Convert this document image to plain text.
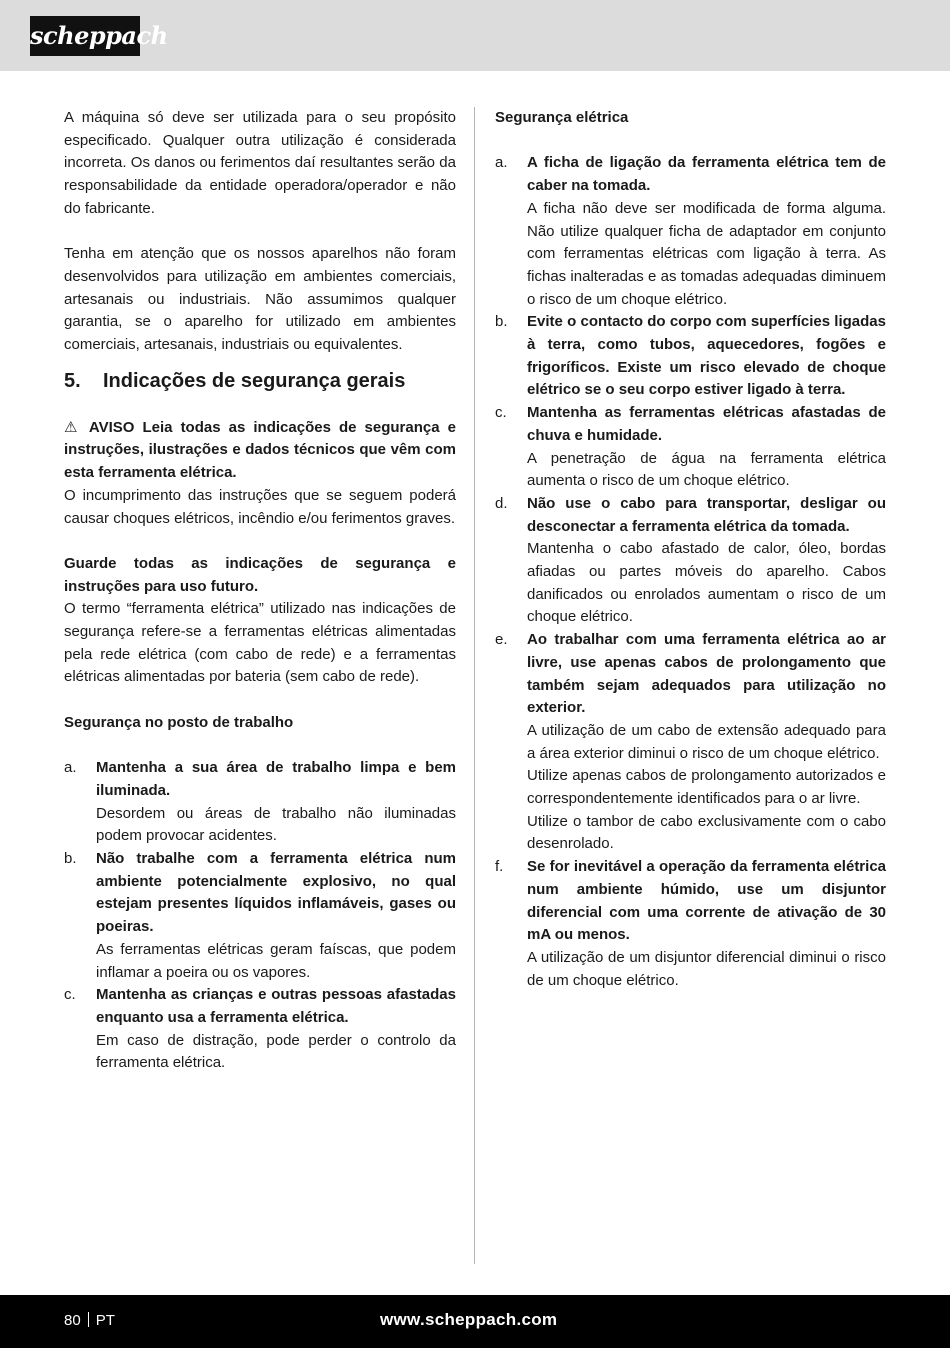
scheppach

A máquina só deve ser utilizada para o seu propósito especificado. Qualquer outra utilização é considerada incorreta. Os danos ou ferimentos daí resultantes serão da responsabilidade da entidade operadora/operador e não do fabricante.

Tenha em atenção que os nossos aparelhos não foram desenvolvidos para utilização em ambientes comerciais, artesanais ou industriais. Não assumimos qualquer garantia, se o aparelho for utilizado em ambientes comerciais, artesanais, industriais ou equivalentes.

5. Indicações de segurança gerais

⚠ AVISO Leia todas as indicações de segurança e instruções, ilustrações e dados técnicos que vêm com esta ferramenta elétrica.

O incumprimento das instruções que se seguem poderá causar choques elétricos, incêndio e/ou ferimentos graves.

Guarde todas as indicações de segurança e instruções para uso futuro.

O termo “ferramenta elétrica” utilizado nas indicações de segurança refere-se a ferramentas elétricas alimentadas pela rede elétrica (com cabo de rede) e a ferramentas elétricas alimentadas por bateria (sem cabo de rede).

Segurança no posto de trabalho

a. Mantenha a sua área de trabalho limpa e bem iluminada.

Desordem ou áreas de trabalho não iluminadas podem provocar acidentes.

b. Não trabalhe com a ferramenta elétrica num ambiente potencialmente explosivo, no qual estejam presentes líquidos inflamáveis, gases ou poeiras.

As ferramentas elétricas geram faíscas, que podem inflamar a poeira ou os vapores.

c. Mantenha as crianças e outras pessoas afastadas enquanto usa a ferramenta elétrica.

Em caso de distração, pode perder o controlo da ferramenta elétrica.

Segurança elétrica

a. A ficha de ligação da ferramenta elétrica tem de caber na tomada.

A ficha não deve ser modificada de forma alguma. Não utilize qualquer ficha de adaptador em conjunto com ferramentas elétricas com ligação à terra. As fichas inalteradas e as tomadas adequadas diminuem o risco de um choque elétrico.

b. Evite o contacto do corpo com superfícies ligadas à terra, como tubos, aquecedores, fogões e frigoríficos. Existe um risco elevado de choque elétrico se o seu corpo estiver ligado à terra.

c. Mantenha as ferramentas elétricas afastadas de chuva e humidade.

A penetração de água na ferramenta elétrica aumenta o risco de um choque elétrico.

d. Não use o cabo para transportar, desligar ou desconectar a ferramenta elétrica da tomada.

Mantenha o cabo afastado de calor, óleo, bordas afiadas ou partes móveis do aparelho. Cabos danificados ou enrolados aumentam o risco de um choque elétrico.

e. Ao trabalhar com uma ferramenta elétrica ao ar livre, use apenas cabos de prolongamento que também sejam adequados para utilização no exterior.

A utilização de um cabo de extensão adequado para a área exterior diminui o risco de um choque elétrico.

Utilize apenas cabos de prolongamento autorizados e correspondentemente identificados para o ar livre.

Utilize o tambor de cabo exclusivamente com o cabo desenrolado.

f. Se for inevitável a operação da ferramenta elétrica num ambiente húmido, use um disjuntor diferencial com uma corrente de ativação de 30 mA ou menos.

A utilização de um disjuntor diferencial diminui o risco de um choque elétrico.

80 PT	www.scheppach.com
